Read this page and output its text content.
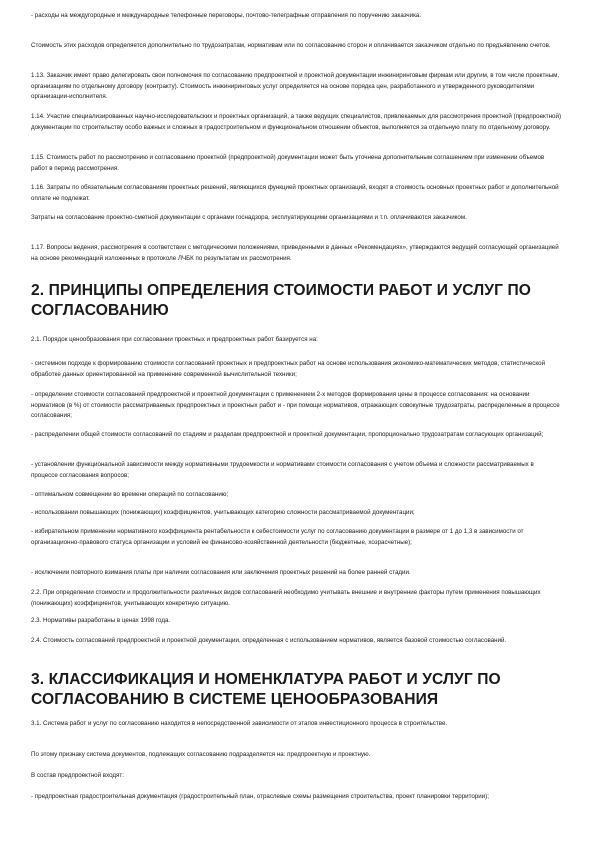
- расходы на междугородные и международные телефонные переговоры, почтово-телеграфные отправления по поручению заказчика.

Стоимость этих расходов определяется дополнительно по трудозатратам, нормативам или по согласованию сторон и оплачивается заказчиком отдельно по предъявлению счетов.

1.13. Заказчик имеет право делегировать свои полномочия по согласованию предпроектной и проектной документации инжиниринговым фирмам или другим, в том числе проектным, организациям по отдельному договору (контракту). Стоимость инжиниринговых услуг определяется на основе порядка цен, разработанного и утвержденного руководителями организации-исполнителя.

1.14. Участие специализированных научно-исследовательских и проектных организаций, а также ведущих специалистов, привлекаемых для рассмотрения проектной (предпроектной) документации по строительству особо важных и сложных в градостроительном и функциональном отношении объектов, выполняется за отдельную плату по отдельному договору.

1.15. Стоимость работ по рассмотрению и согласованию проектной (предпроектной) документации может быть уточнена дополнительным соглашением при изменении объемов работ в период рассмотрения.

1.16. Затраты по обязательным согласованиям проектных решений, являющихся функцией проектных организаций, входят в стоимость основных проектных работ и дополнительной оплате не подлежат.

Затраты на согласование проектно-сметной документации с органами госнадзора, эксплуатирующими организациями и т.п. оплачиваются заказчиком.

1.17. Вопросы ведения, рассмотрения в соответствии с методическими положениями, приведенными в данных «Рекомендациях», утверждаются ведущей согласующей организацией на основе рекомендаций изложенных в протоколе ЛЧБК по результатам их рассмотрения.

2. ПРИНЦИПЫ ОПРЕДЕЛЕНИЯ СТОИМОСТИ РАБОТ И УСЛУГ ПО СОГЛАСОВАНИЮ

2.1. Порядок ценообразования при согласовании проектных и предпроектных работ базируется на:

- системном подходе к формированию стоимости согласований проектных и предпроектных работ на основе использования экономико-математических методов, статистической обработке данных ориентированной на применение современной вычислительной техники;

- определении стоимости согласований предпроектной и проектной документации с применением 2-х методов формирования цены в процессе согласования: на основании нормативов (в %) от стоимости рассматриваемых предпроектных и проектных работ и - при помощи нормативов, отражающих совокупные трудозатраты, распределенные в процессе согласования;

- распределении общей стоимости согласований по стадиям и разделам предпроектной и проектной документации, пропорционально трудозатратам согласующих организаций;

- установлении функциональной зависимости между нормативными трудоемкости и нормативами стоимости согласования с учетом объема и сложности рассматриваемых в процессе согласования вопросов;

- оптимальном совмещении во времени операций по согласованию;

- использовании повышающих (понижающих) коэффициентов, учитывающих категорию сложности рассматриваемой документации;

- избирательном применении нормативного коэффициента рентабельности к себестоимости услуг по согласованию документации в размере от 1 до 1,3 в зависимости от организационно-правового статуса организации и условий ее финансово-хозяйственной деятельности (бюджетные, хозрасчетные);

- исключении повторного взимания платы при наличии согласования или заключения проектных решений на более ранней стадии.

2.2. При определении стоимости и продолжительности различных видов согласований необходимо учитывать внешние и внутренние факторы путем применения повышающих (понижающих) коэффициентов, учитывающих конкретную ситуацию.

2.3. Нормативы разработаны в ценах 1998 года.

2.4. Стоимость согласований предпроектной и проектной документации, определенная с использованием нормативов, является базовой стоимостью согласований.

3. КЛАССИФИКАЦИЯ И НОМЕНКЛАТУРА РАБОТ И УСЛУГ ПО СОГЛАСОВАНИЮ В СИСТЕМЕ ЦЕНООБРАЗОВАНИЯ

3.1. Система работ и услуг по согласованию находится в непосредственной зависимости от этапов инвестиционного процесса в строительстве.

По этому признаку система документов, подлежащих согласованию подразделяется на: предпроектную и проектную.

В состав предпроектной входят:

- предпроектная градостроительная документация (градостроительный план, отраслевые схемы размещения строительства, проект планировки территории);
